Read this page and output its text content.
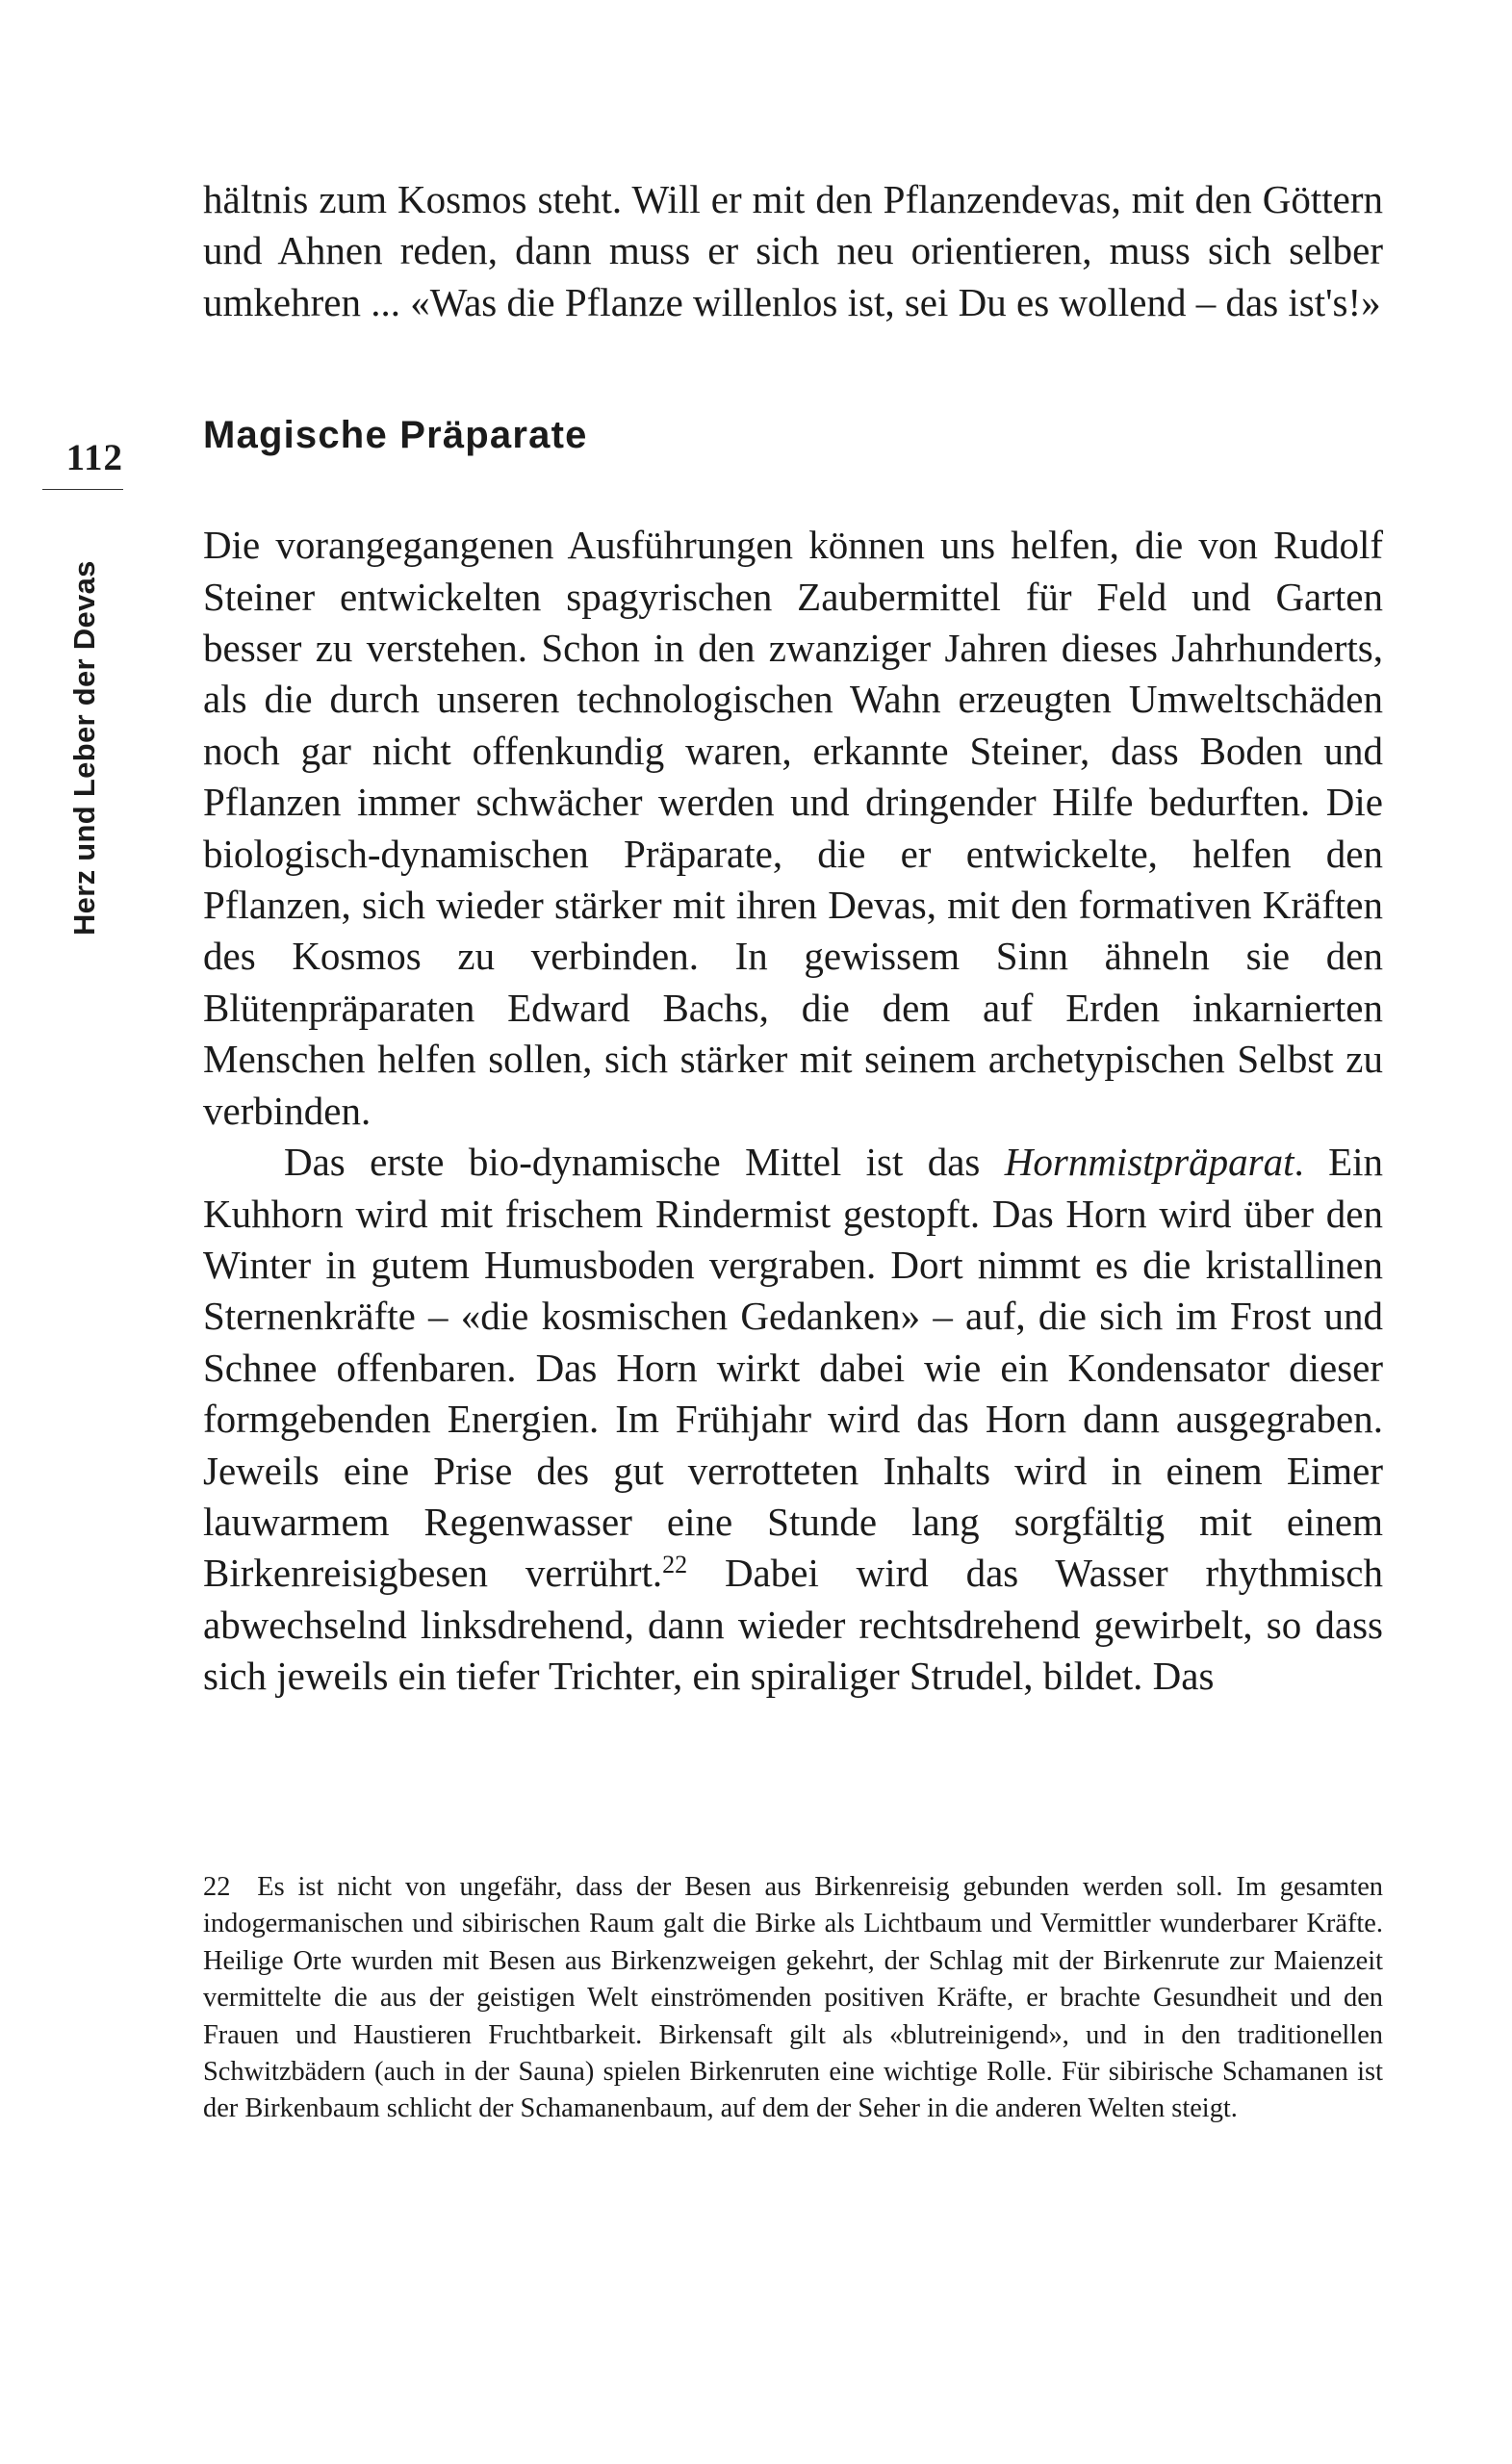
112
Herz und Leber der Devas

hältnis zum Kosmos steht. Will er mit den Pflanzendevas, mit den Göttern und Ahnen reden, dann muss er sich neu orientieren, muss sich selber umkehren ... «Was die Pflanze willenlos ist, sei Du es wollend – das ist's!»

Magische Präparate

Die vorangegangenen Ausführungen können uns helfen, die von Rudolf Steiner entwickelten spagyrischen Zaubermittel für Feld und Garten besser zu verstehen. Schon in den zwanziger Jahren dieses Jahrhunderts, als die durch unseren technologischen Wahn erzeugten Umweltschäden noch gar nicht offenkundig waren, erkannte Steiner, dass Boden und Pflanzen immer schwächer werden und dringender Hilfe bedurften. Die biologisch-dynamischen Präparate, die er entwickelte, helfen den Pflanzen, sich wieder stärker mit ihren Devas, mit den formativen Kräften des Kosmos zu verbinden. In gewissem Sinn ähneln sie den Blütenpräparaten Edward Bachs, die dem auf Erden inkarnierten Menschen helfen sollen, sich stärker mit seinem archetypischen Selbst zu verbinden.

Das erste bio-dynamische Mittel ist das Hornmistpräparat. Ein Kuhhorn wird mit frischem Rindermist gestopft. Das Horn wird über den Winter in gutem Humusboden vergraben. Dort nimmt es die kristallinen Sternenkräfte – «die kosmischen Gedanken» – auf, die sich im Frost und Schnee offenbaren. Das Horn wirkt dabei wie ein Kondensator dieser formgebenden Energien. Im Frühjahr wird das Horn dann ausgegraben. Jeweils eine Prise des gut verrotteten Inhalts wird in einem Eimer lauwarmem Regenwasser eine Stunde lang sorgfältig mit einem Birkenreisigbesen verrührt.$^{22}$ Dabei wird das Wasser rhythmisch abwechselnd linksdrehend, dann wieder rechtsdrehend gewirbelt, so dass sich jeweils ein tiefer Trichter, ein spiraliger Strudel, bildet. Das

22 Es ist nicht von ungefähr, dass der Besen aus Birkenreisig gebunden werden soll. Im gesamten indogermanischen und sibirischen Raum galt die Birke als Lichtbaum und Vermittler wunderbarer Kräfte. Heilige Orte wurden mit Besen aus Birkenzweigen gekehrt, der Schlag mit der Birkenrute zur Maienzeit vermittelte die aus der geistigen Welt einströmenden positiven Kräfte, er brachte Gesundheit und den Frauen und Haustieren Fruchtbarkeit. Birkensaft gilt als «blutreinigend», und in den traditionellen Schwitzbädern (auch in der Sauna) spielen Birkenruten eine wichtige Rolle. Für sibirische Schamanen ist der Birkenbaum schlicht der Schamanenbaum, auf dem der Seher in die anderen Welten steigt.
